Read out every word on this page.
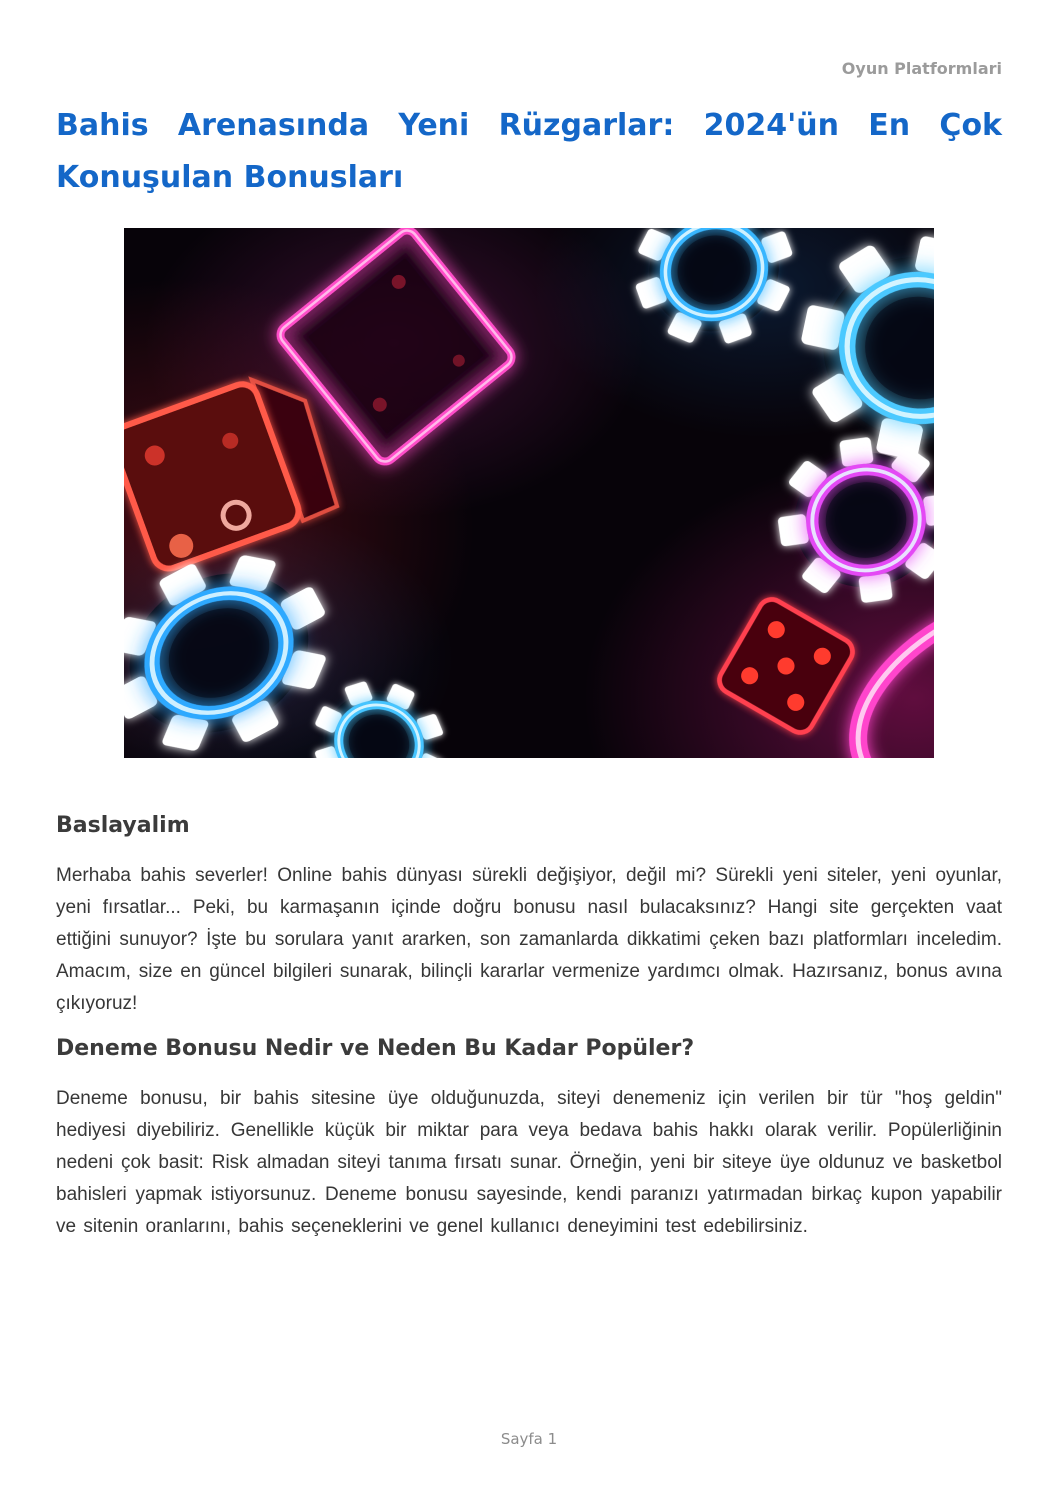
Oyun Platformlari
Bahis Arenasında Yeni Rüzgarlar: 2024'ün En Çok Konuşulan Bonusları
Baslayalim

Merhaba bahis severler! Online bahis dünyası sürekli değişiyor, değil mi? Sürekli yeni siteler, yeni oyunlar, yeni fırsatlar... Peki, bu karmaşanın içinde doğru bonusu nasıl bulacaksınız? Hangi site gerçekten vaat ettiğini sunuyor? İşte bu sorulara yanıt ararken, son zamanlarda dikkatimi çeken bazı platformları inceledim. Amacım, size en güncel bilgileri sunarak, bilinçli kararlar vermenize yardımcı olmak. Hazırsanız, bonus avına çıkıyoruz!

Deneme Bonusu Nedir ve Neden Bu Kadar Popüler?

Deneme bonusu, bir bahis sitesine üye olduğunuzda, siteyi denemeniz için verilen bir tür "hoş geldin" hediyesi diyebiliriz. Genellikle küçük bir miktar para veya bedava bahis hakkı olarak verilir. Popülerliğinin nedeni çok basit: Risk almadan siteyi tanıma fırsatı sunar. Örneğin, yeni bir siteye üye oldunuz ve basketbol bahisleri yapmak istiyorsunuz. Deneme bonusu sayesinde, kendi paranızı yatırmadan birkaç kupon yapabilir ve sitenin oranlarını, bahis seçeneklerini ve genel kullanıcı deneyimini test edebilirsiniz.

Sayfa 1
